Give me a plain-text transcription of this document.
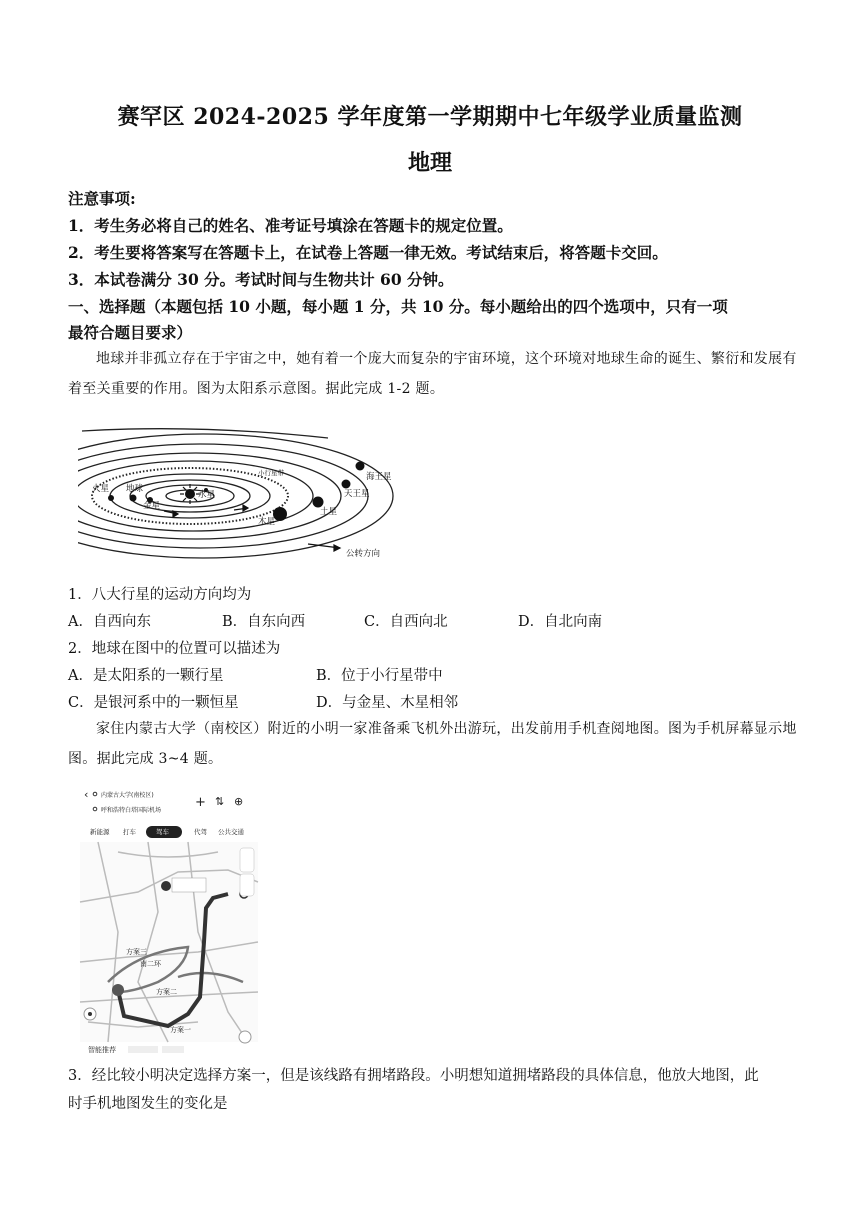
赛罕区 2024-2025 学年度第一学期期中七年级学业质量监测
地理
注意事项:
1．考生务必将自己的姓名、准考证号填涂在答题卡的规定位置。
2．考生要将答案写在答题卡上，在试卷上答题一律无效。考试结束后，将答题卡交回。
3．本试卷满分 30 分。考试时间与生物共计 60 分钟。
一、选择题（本题包括 10 小题，每小题 1 分，共 10 分。每小题给出的四个选项中，只有一项
最符合题目要求）
地球并非孤立存在于宇宙之中，她有着一个庞大而复杂的宇宙环境，这个环境对地球生命的诞生、繁衍和发展有着至关重要的作用。图为太阳系示意图。据此完成 1-2 题。
水星
金星
地球
火星
木星
土星
天王星
海王星
小行星带
公转方向
1．八大行星的运动方向均为
A．自西向东	B．自东向西	C．自西向北	D．自北向南
2．地球在图中的位置可以描述为
A．是太阳系的一颗行星	B．位于小行星带中
C．是银河系中的一颗恒星	D．与金星、木星相邻
家住内蒙古大学（南校区）附近的小明一家准备乘飞机外出游玩，出发前用手机查阅地图。图为手机屏幕显示地图。据此完成 3~4 题。
‹ 内蒙古大学(南校区)
呼和浩特白塔国际机场
+ ⇅ ⊕
新能源 打车	驾车	代驾 公共交通
方案三
南二环
方案二
方案一
智能推荐
3．经比较小明决定选择方案一，但是该线路有拥堵路段。小明想知道拥堵路段的具体信息，他放大地图，此
时手机地图发生的变化是
